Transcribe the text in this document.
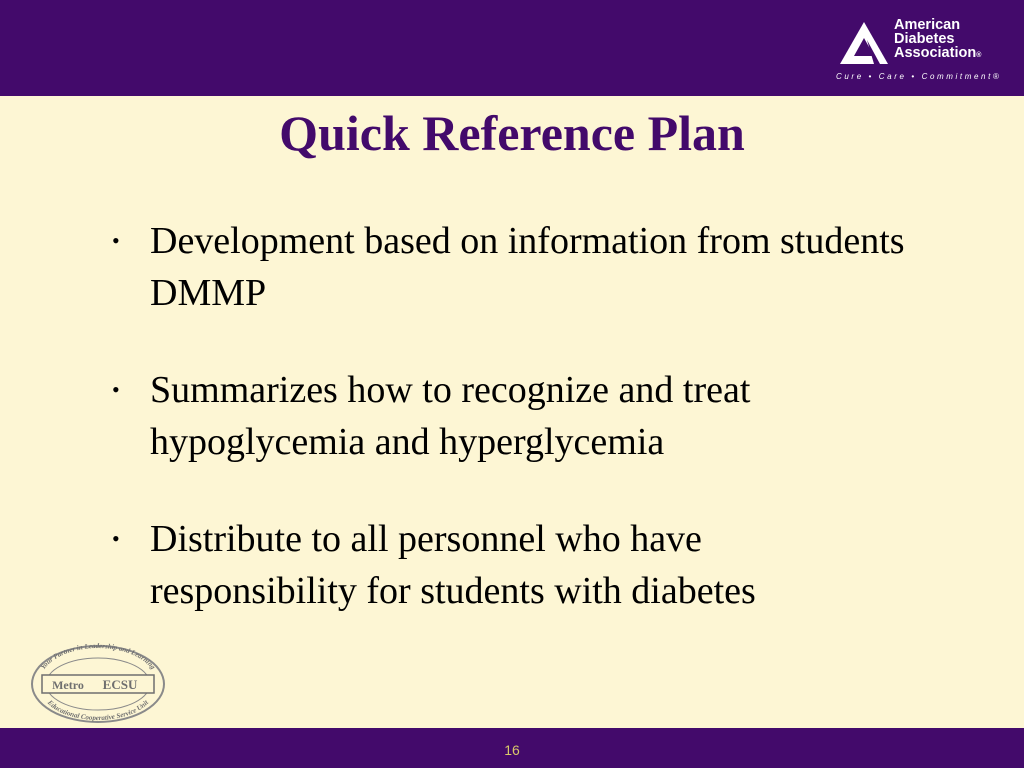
American
Diabetes
Association®
Cure • Care • Commitment®
Quick Reference Plan
• Development based on information from students DMMP
• Summarizes how to recognize and treat hypoglycemia and hyperglycemia
• Distribute to all personnel who have responsibility for students with diabetes
Your Partner in Leadership and Learning
Educational Cooperative Service Unit
Metro ECSU
16
